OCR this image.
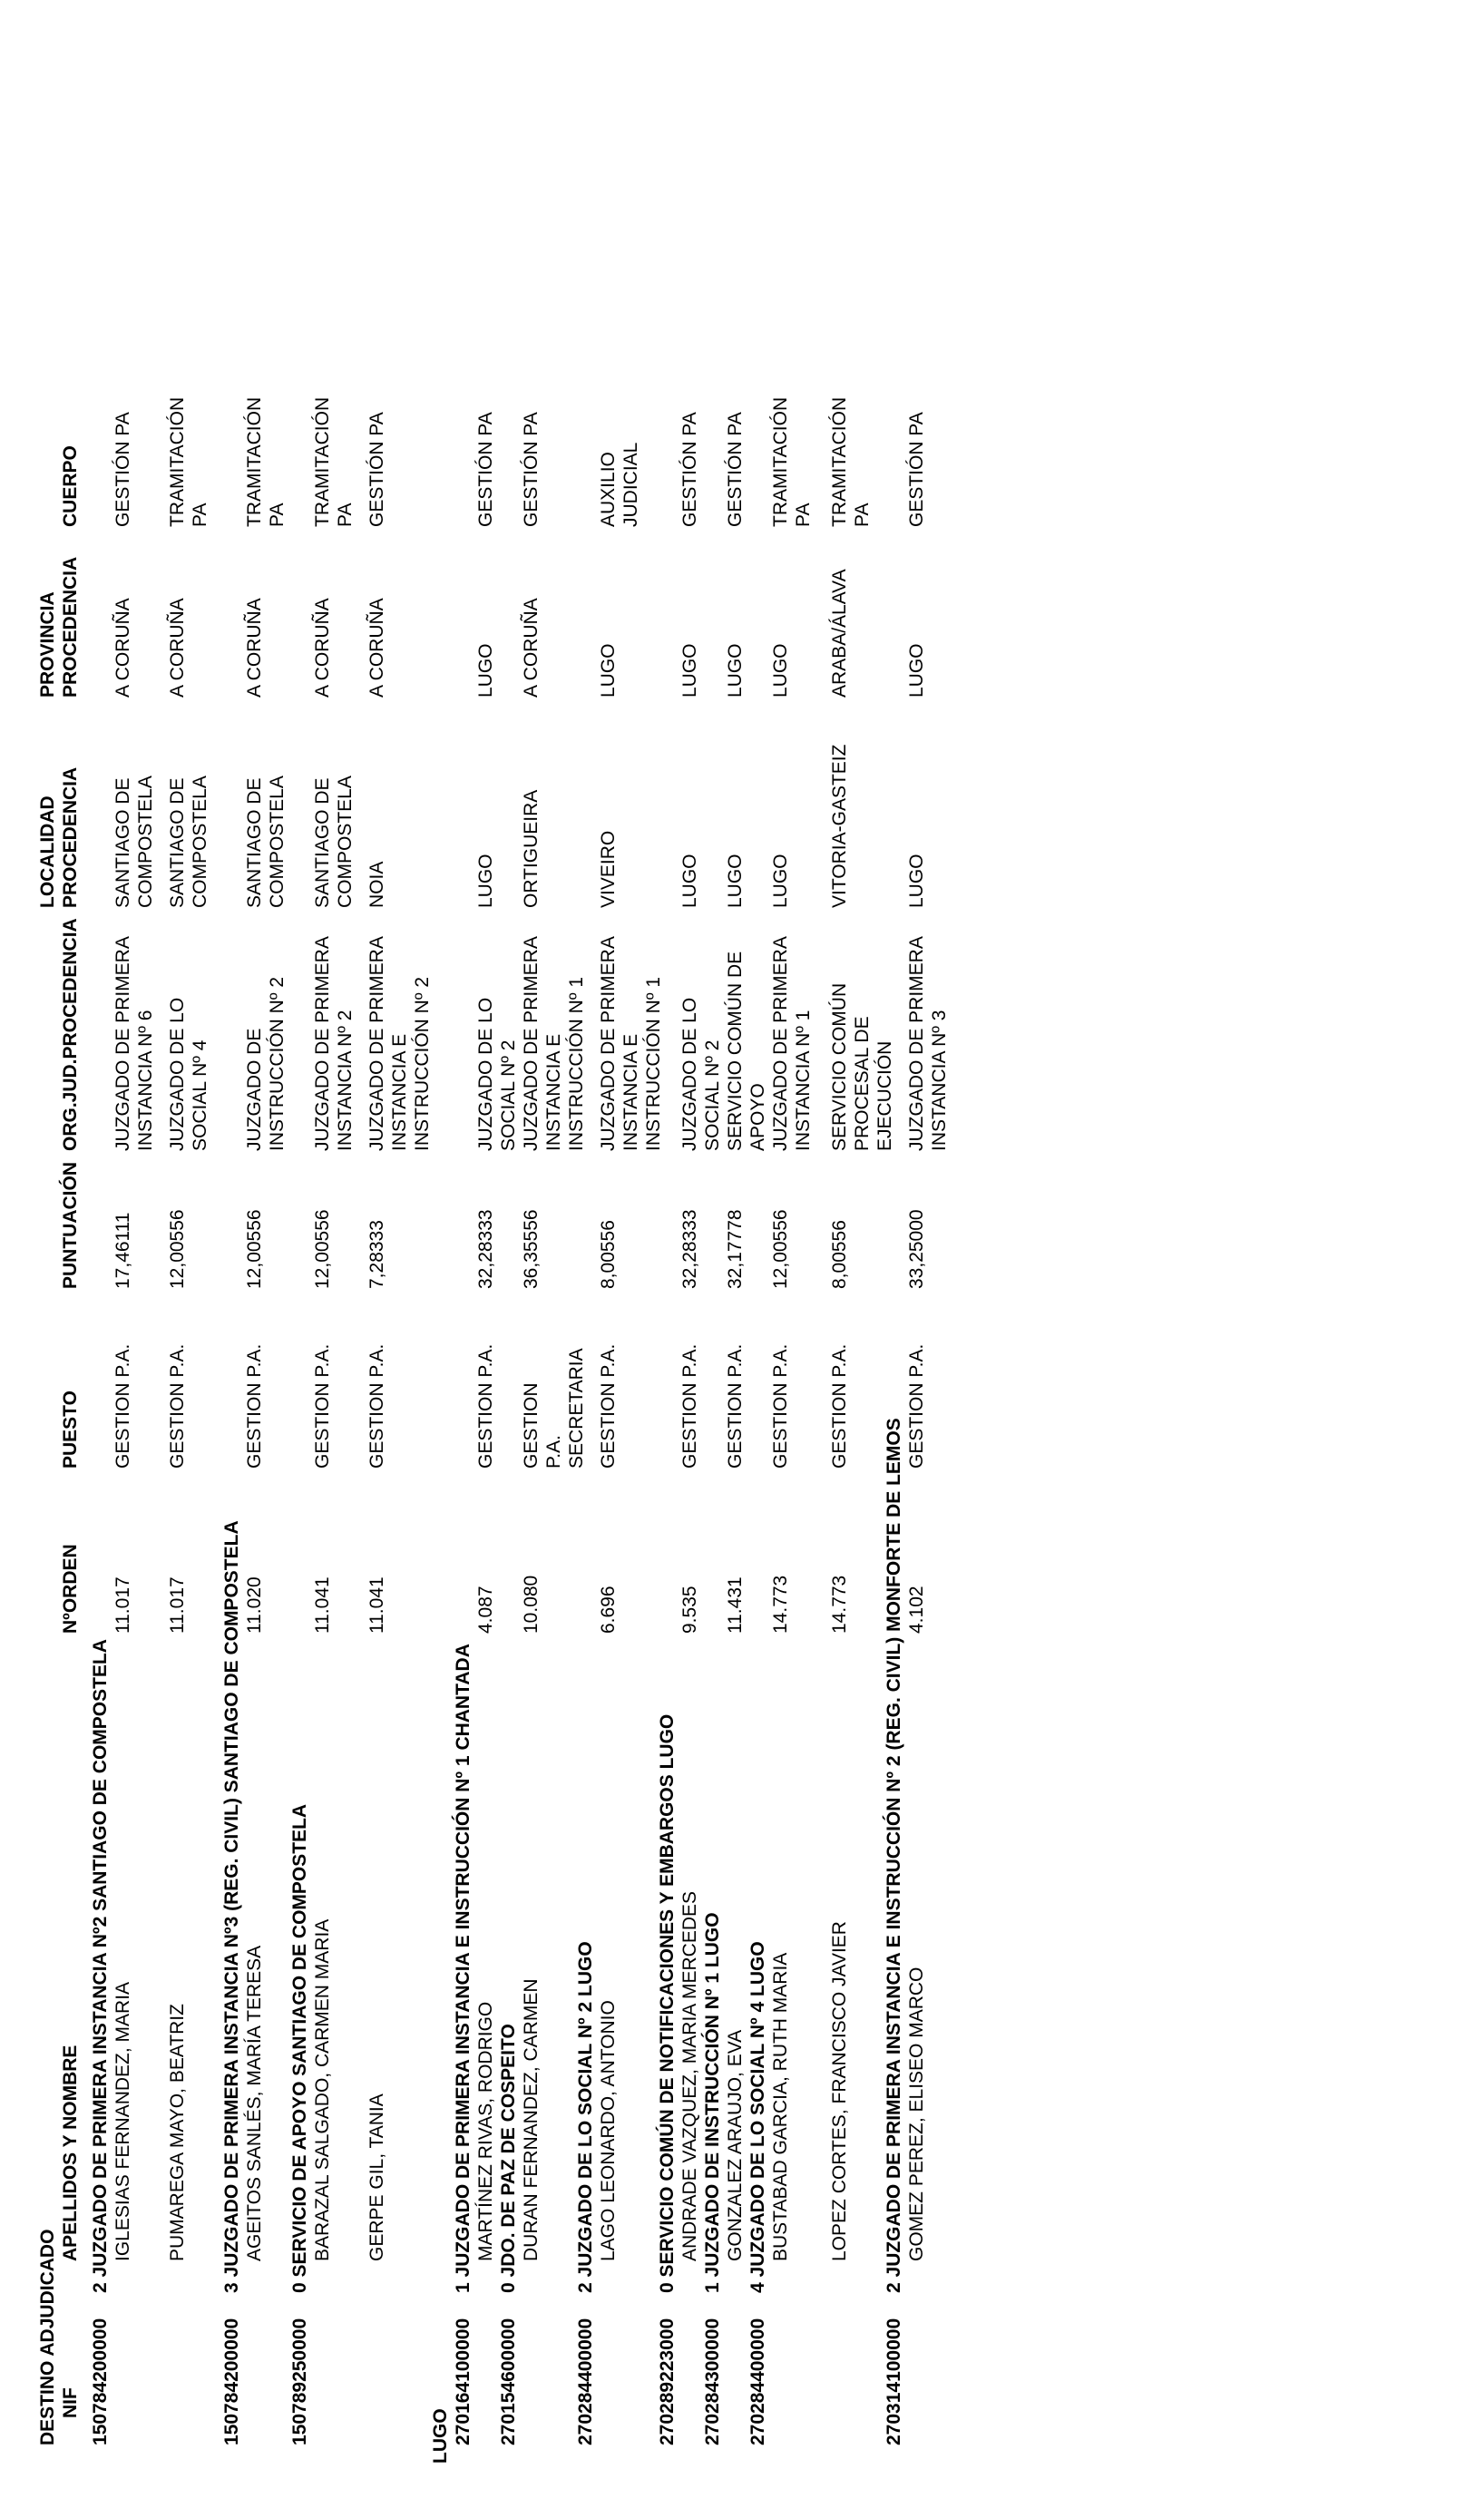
DESTINO ADJUDICADO NIF
APELLIDOS Y NOMBRE
NºORDEN
PUESTO
PUNTUACIÓN
ORG.JUD.PROCEDENCIA
LOCALIDAD PROCEDENCIA
PROVINCIA PROCEDENCIA
CUERPO
150784200000
2 JUZGADO DE PRIMERA INSTANCIA Nº2 SANTIAGO DE COMPOSTELA IGLESIAS FERNANDEZ, MARIA
11.017
GESTION P.A.
17,46111
JUZGADO DE PRIMERA INSTANCIA Nº 6
SANTIAGO DE COMPOSTELA
A CORUÑA
GESTIÓN PA
PUMAREGA MAYO, BEATRIZ
11.017
GESTION P.A.
12,00556
JUZGADO DE LO SOCIAL Nº 4
SANTIAGO DE COMPOSTELA
A CORUÑA
TRAMITACIÓN PA
150784200000
3 JUZGADO DE PRIMERA INSTANCIA Nº3 (REG. CIVIL) SANTIAGO DE COMPOSTELA AGEITOS SANLÉS, MARÍA TERESA
11.020
GESTION P.A.
12,00556
JUZGADO DE INSTRUCCIÓN Nº 2
SANTIAGO DE COMPOSTELA
A CORUÑA
TRAMITACIÓN PA
150789250000
0 SERVICIO DE APOYO SANTIAGO DE COMPOSTELA BARAZAL SALGADO, CARMEN MARIA
11.041
GESTION P.A.
12,00556
JUZGADO DE PRIMERA INSTANCIA Nº 2
SANTIAGO DE COMPOSTELA
A CORUÑA
TRAMITACIÓN PA
GERPE GIL, TANIA
11.041
GESTION P.A.
7,28333
JUZGADO DE PRIMERA INSTANCIA E INSTRUCCIÓN Nº 2
NOIA
A CORUÑA
GESTIÓN PA
LUGO 270164100000
1 JUZGADO DE PRIMERA INSTANCIA E INSTRUCCIÓN Nº 1 CHANTADA MARTÍNEZ RIVAS, RODRIGO
4.087
GESTION P.A.
32,28333
JUZGADO DE LO SOCIAL Nº 2
LUGO
LUGO
GESTIÓN PA
270154600000
0 JDO. DE PAZ DE COSPEITO DURAN FERNANDEZ, CARMEN
10.080
GESTION P.A. SECRETARIA
36,35556
JUZGADO DE PRIMERA INSTANCIA E INSTRUCCIÓN Nº 1
ORTIGUEIRA
A CORUÑA
GESTIÓN PA
270284400000
2 JUZGADO DE LO SOCIAL Nº 2 LUGO LAGO LEONARDO, ANTONIO
6.696
GESTION P.A.
8,00556
JUZGADO DE PRIMERA INSTANCIA E INSTRUCCIÓN Nº 1
VIVEIRO
LUGO
AUXILIO JUDICIAL
270289223000
0 SERVICIO COMÚN DE NOTIFICACIONES Y EMBARGOS LUGO ANDRADE VAZQUEZ, MARIA MERCEDES
9.535
GESTION P.A.
32,28333
JUZGADO DE LO SOCIAL Nº 2
LUGO
LUGO
GESTIÓN PA
270284300000
1 JUZGADO DE INSTRUCCIÓN Nº 1 LUGO GONZALEZ ARAUJO, EVA
11.431
GESTION P.A.
32,17778
SERVICIO COMÚN DE APOYO
LUGO
LUGO
GESTIÓN PA
270284400000
4 JUZGADO DE LO SOCIAL Nº 4 LUGO BUSTABAD GARCIA, RUTH MARIA
14.773
GESTION P.A.
12,00556
JUZGADO DE PRIMERA INSTANCIA Nº 1
LUGO
LUGO
TRAMITACIÓN PA
LOPEZ CORTES, FRANCISCO JAVIER
14.773
GESTION P.A.
8,00556
SERVICIO COMÚN PROCESAL DE EJECUCIÓN
VITORIA-GASTEIZ
ARABA/ÁLAVA
TRAMITACIÓN PA
270314100000
2 JUZGADO DE PRIMERA INSTANCIA E INSTRUCCIÓN Nº 2 (REG. CIVIL) MONFORTE DE LEMOS GOMEZ PEREZ, ELISEO MARCO
4.102
GESTION P.A.
33,25000
JUZGADO DE PRIMERA INSTANCIA Nº 3
LUGO
LUGO
GESTIÓN PA
